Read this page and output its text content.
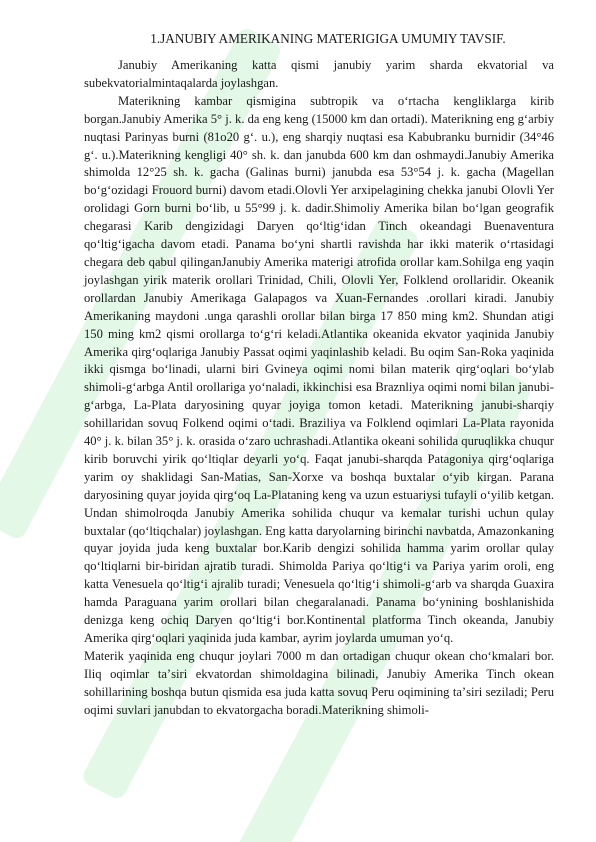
1.JANUBIY AMERIKANING MATERIGIGA UMUMIY TAVSIF.

Janubiy Amerikaning katta qismi janubiy yarim sharda ekvatorial va subekvatorialmintaqalarda joylashgan.

Materikning kambar qismigina subtropik va oʻrtacha kengliklarga kirib borgan.Janubiy Amerika 5° j. k. da eng keng (15000 km dan ortadi). Materikning eng gʻarbiy nuqtasi Parinyas burni (81o20 gʻ. u.), eng sharqiy nuqtasi esa Kabubranku burnidir (34°46 gʻ. u.).Materikning kengligi 40° sh. k. dan janubda 600 km dan oshmaydi.Janubiy Amerika shimolda 12°25 sh. k. gacha (Galinas burni) janubda esa 53°54 j. k. gacha (Magellan boʻgʻozidagi Frouord burni) davom etadi.Olovli Yer arxipelagining chekka janubi Olovli Yer orolidagi Gorn burni boʻlib, u 55°99 j. k. dadir.Shimoliy Amerika bilan boʻlgan geografik chegarasi Karib dengizidagi Daryen qoʻltigʻidan Tinch okeandagi Buenaventura qoʻltigʻigacha davom etadi. Panama boʻyni shartli ravishda har ikki materik oʻrtasidagi chegara deb qabul qilinganJanubiy Amerika materigi atrofida orollar kam.Sohilga eng yaqin joylashgan yirik materik orollari Trinidad, Chili, Olovli Yer, Folklend orollaridir. Okeanik orollardan Janubiy Amerikaga Galapagos va Xuan-Fernandes .orollari kiradi. Janubiy Amerikaning maydoni .unga qarashli orollar bilan birga 17 850 ming km2. Shundan atigi 150 ming km2 qismi orollarga toʻgʻri keladi.Atlantika okeanida ekvator yaqinida Janubiy Amerika qirgʻoqlariga Janubiy Passat oqimi yaqinlashib keladi. Bu oqim San-Roka yaqinida ikki qismga boʻlinadi, ularni biri Gvineya oqimi nomi bilan materik qirgʻoqlari boʻylab shimoli-gʻarbga Antil orollariga yoʻnaladi, ikkinchisi esa Braznliya oqimi nomi bilan janubi-gʻarbga, La-Plata daryosining quyar joyiga tomon ketadi. Materikning janubi-sharqiy sohillaridan sovuq Folkend oqimi oʻtadi. Braziliya va Folklend oqimlari La-Plata rayonida 40° j. k. bilan 35° j. k. orasida oʻzaro uchrashadi.Atlantika okeani sohilida quruqlikka chuqur kirib boruvchi yirik qoʻltiqlar deyarli yoʻq. Faqat janubi-sharqda Patagoniya qirgʻoqlariga yarim oy shaklidagi San-Matias, San-Xorxe va boshqa buxtalar oʻyib kirgan. Parana daryosining quyar joyida qirgʻoq La-Plataning keng va uzun estuariysi tufayli oʻyilib ketgan. Undan shimolroqda Janubiy Amerika sohilida chuqur va kemalar turishi uchun qulay buxtalar (qoʻltiqchalar) joylashgan. Eng katta daryolarning birinchi navbatda, Amazonkaning quyar joyida juda keng buxtalar bor.Karib dengizi sohilida hamma yarim orollar qulay qoʻltiqlarni bir-biridan ajratib turadi. Shimolda Pariya qoʻltigʻi va Pariya yarim oroli, eng katta Venesuela qoʻltigʻi ajralib turadi; Venesuela qoʻltigʻi shimoli-gʻarb va sharqda Guaxira hamda Paraguana yarim orollari bilan chegaralanadi. Panama boʻynining boshlanishida denizga keng ochiq Daryen qoʻltigʻi bor.Kontinental platforma Tinch okeanda, Janubiy Amerika qirgʻoqlari yaqinida juda kambar, ayrim joylarda umuman yoʻq.

Materik yaqinida eng chuqur joylari 7000 m dan ortadigan chuqur okean choʻkmalari bor. Iliq oqimlar taʼsiri ekvatordan shimoldagina bilinadi, Janubiy Amerika Tinch okean sohillarining boshqa butun qismida esa juda katta sovuq Peru oqimining taʼsiri seziladi; Peru oqimi suvlari janubdan to ekvatorgacha boradi.Materikning shimoli-
